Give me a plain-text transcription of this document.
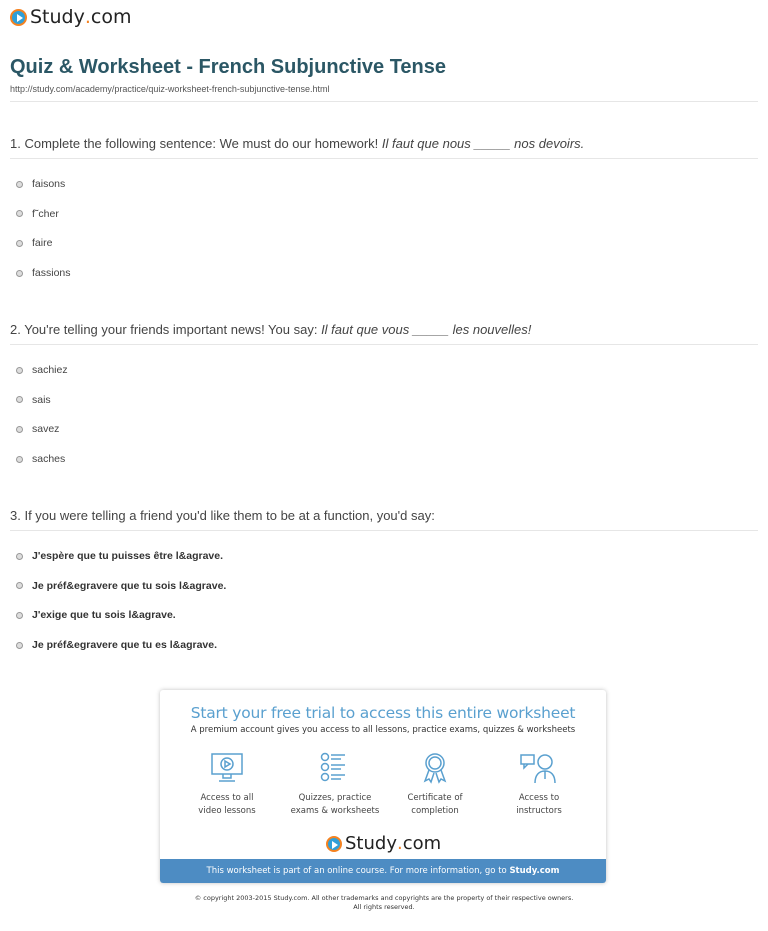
Study . com
Quiz & Worksheet - French Subjunctive Tense
http://study.com/academy/practice/quiz-worksheet-french-subjunctive-tense.html
1. Complete the following sentence: We must do our homework! Il faut que nous _____ nos devoirs.
faisons
f˜cher
faire
fassions
2. You're telling your friends important news! You say: Il faut que vous _____ les nouvelles!
sachiez
sais
savez
saches
3. If you were telling a friend you'd like them to be at a function, you'd say:
J'espère que tu puisses être l&agrave.
Je préf&egravere que tu sois l&agrave.
J'exige que tu sois l&agrave.
Je préf&egravere que tu es l&agrave.
Start your free trial to access this entire worksheet
A premium account gives you access to all lessons, practice exams, quizzes & worksheets
Access to all
video lessons
Quizzes, practice
exams & worksheets
Certificate of
completion
Access to
instructors
Study . com
This worksheet is part of an online course. For more information, go to Study.com
© copyright 2003-2015 Study.com. All other trademarks and copyrights are the property of their respective owners.
All rights reserved.
